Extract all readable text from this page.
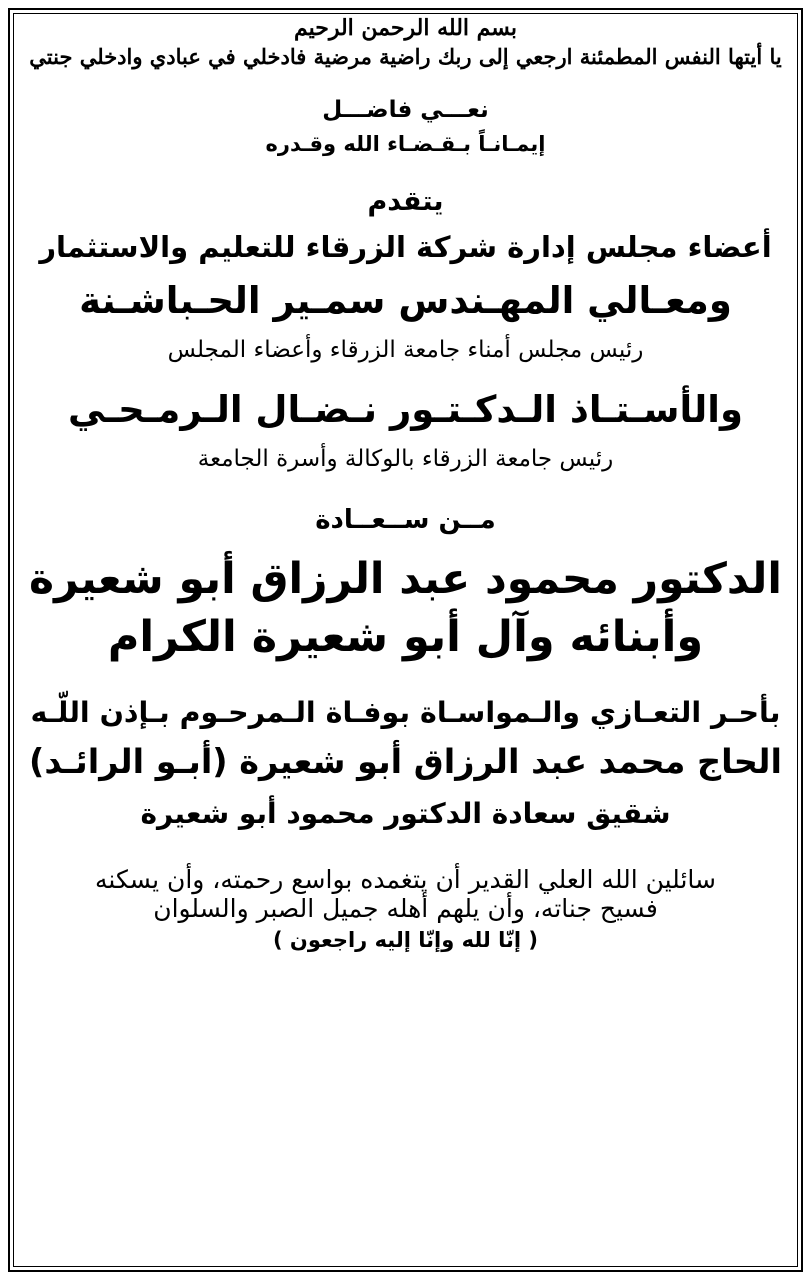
بسم الله الرحمن الرحيم
يا أيتها النفس المطمئنة ارجعي إلى ربك راضية مرضية فادخلي في عبادي وادخلي جنتي
نعـــي فاضـــل
إيمـانـاً بـقـضـاء الله وقـدره
يتقدم
أعضاء مجلس إدارة شركة الزرقاء للتعليم والاستثمار
ومعـالي المهـندس سمـير الحـباشـنة
رئيس مجلس أمناء جامعة الزرقاء وأعضاء المجلس
والأسـتـاذ الـدكـتـور نـضـال الـرمـحـي
رئيس جامعة الزرقاء بالوكالة وأسرة الجامعة
مــن ســعــادة
الدكتور محمود عبد الرزاق أبو شعيرة
وأبنائه وآل أبو شعيرة الكرام
بأحـر التعـازي والـمواسـاة بوفـاة الـمرحـوم بـإذن اللّـه
الحاج محمد عبد الرزاق أبو شعيرة (أبـو الرائـد)
شقيق سعادة الدكتور محمود أبو شعيرة
سائلين الله العلي القدير أن يتغمده بواسع رحمته، وأن يسكنه
فسيح جناته، وأن يلهم أهله جميل الصبر والسلوان
( إنّا لله وإنّا إليه راجعون )
